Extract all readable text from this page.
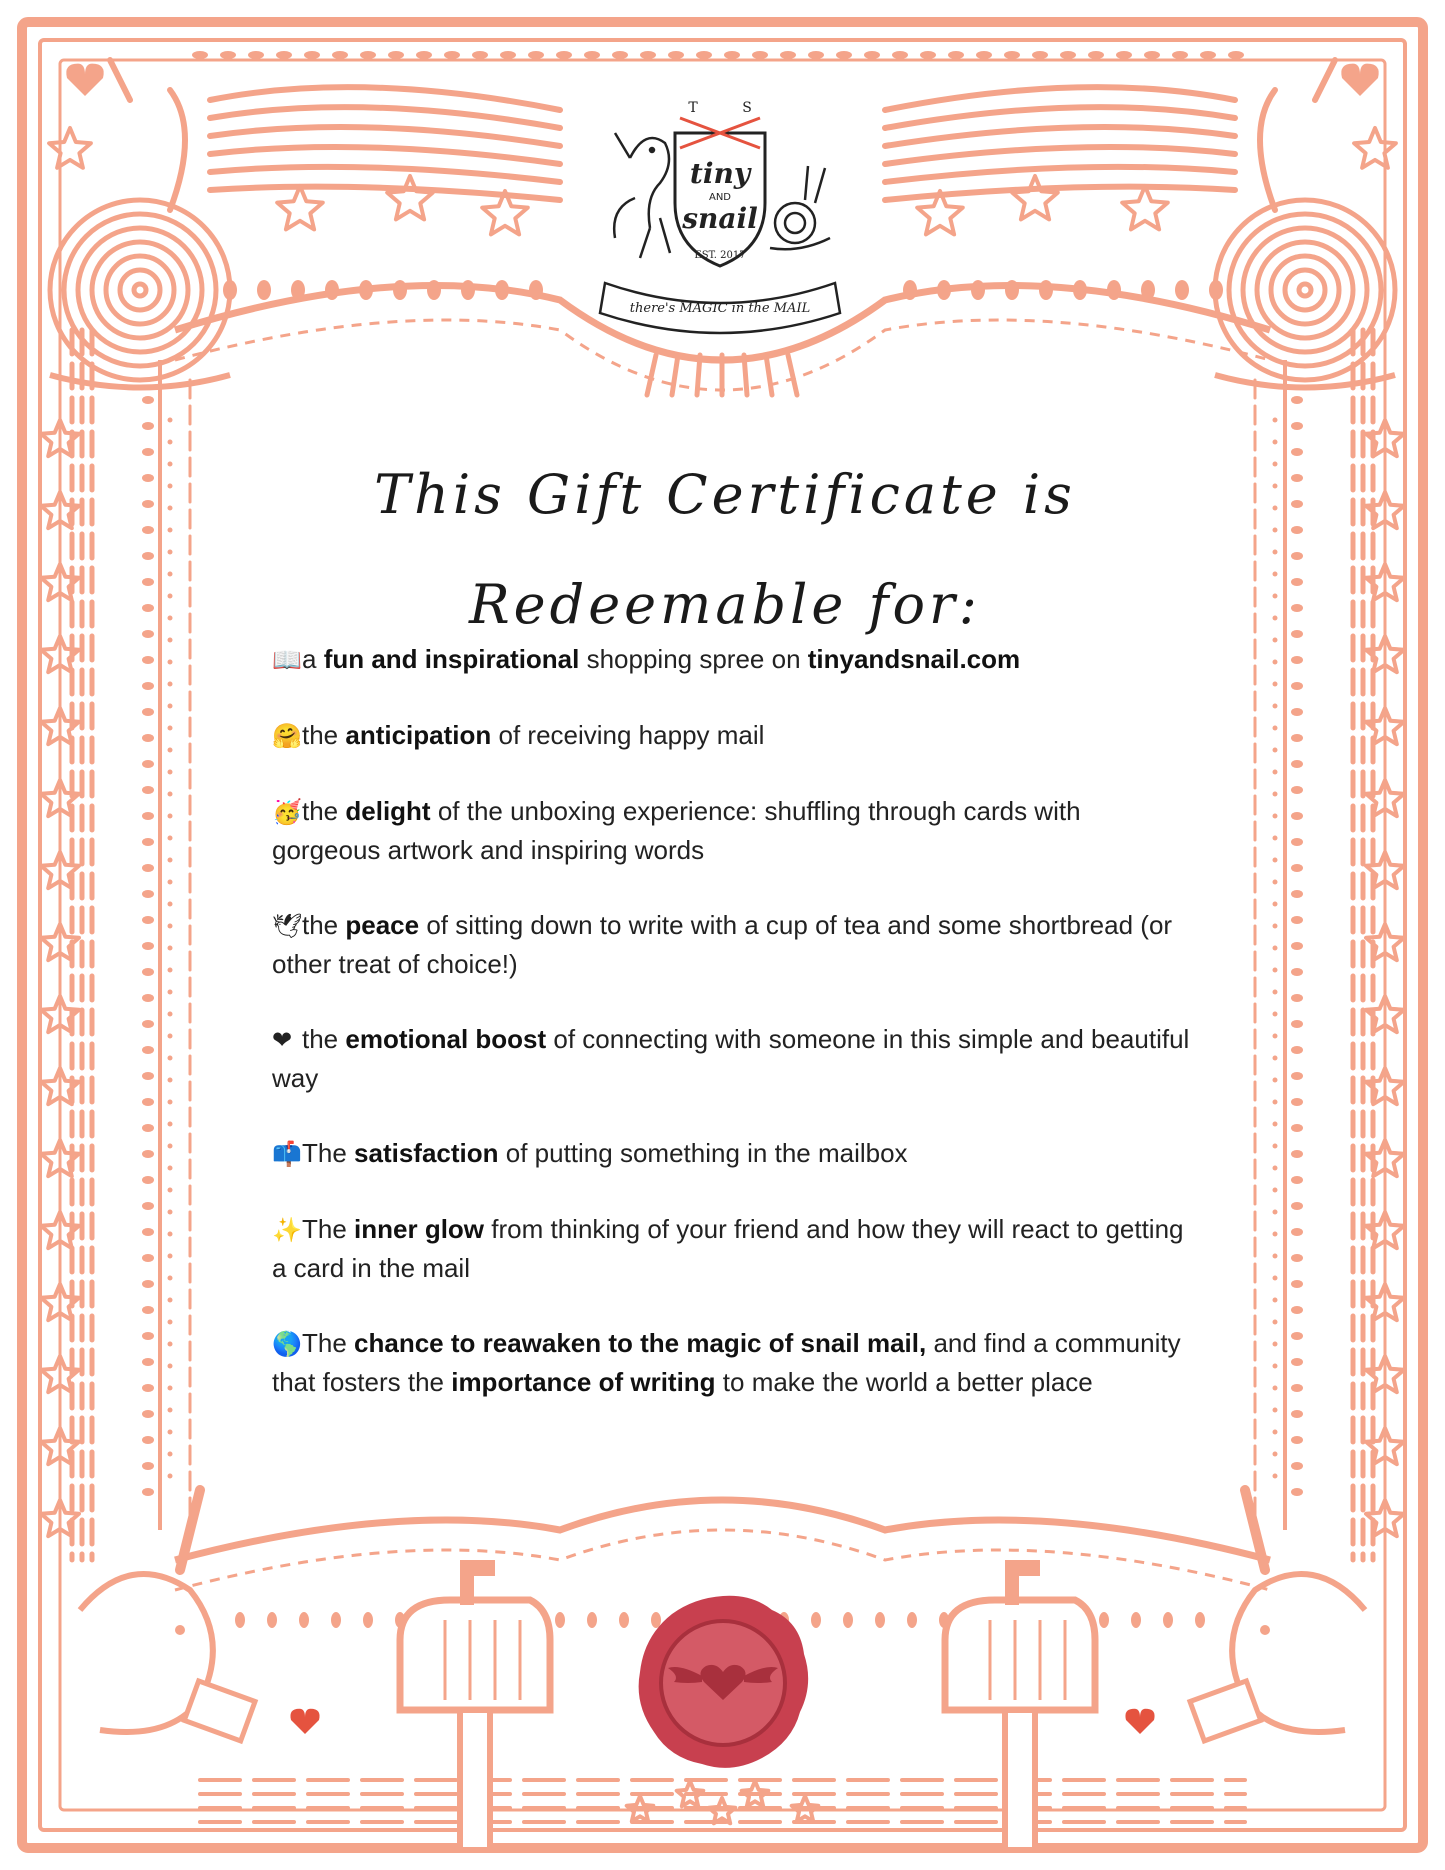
T	S
tiny
AND
snail
EST. 2017
there's MAGIC in the MAIL
This Gift Certificate is Redeemable for:
📖a fun and inspirational shopping spree on tinyandsnail.com
🤗the anticipation of receiving happy mail
🥳the delight of the unboxing experience: shuffling through cards with gorgeous artwork and inspiring words
🕊the peace of sitting down to write with a cup of tea and some shortbread (or other treat of choice!)
❤ the emotional boost of connecting with someone in this simple and beautiful way
📫The satisfaction of putting something in the mailbox
✨The inner glow from thinking of your friend and how they will react to getting a card in the mail
🌎The chance to reawaken to the magic of snail mail, and find a community that fosters the importance of writing to make the world a better place
